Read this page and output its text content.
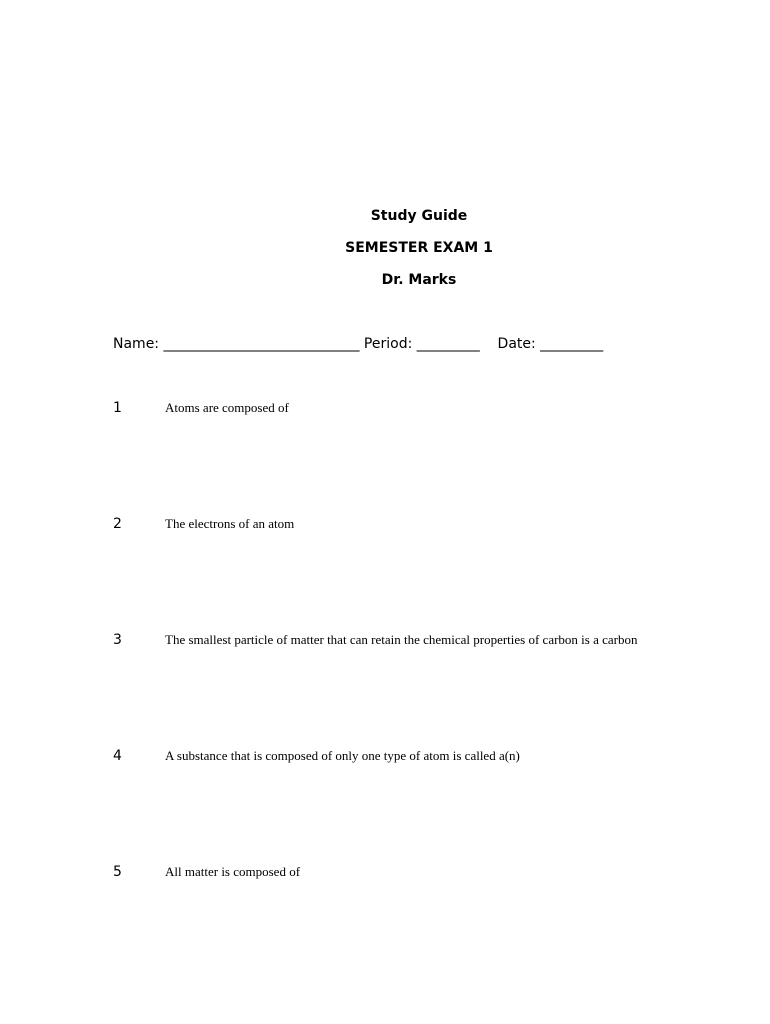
Study Guide
SEMESTER EXAM 1
Dr. Marks
Name: ____________________________ Period: _________    Date: _________
1	Atoms are composed of
2	The electrons of an atom
3	The smallest particle of matter that can retain the chemical properties of carbon is a carbon
4	A substance that is composed of only one type of atom is called a(n)
5	All matter is composed of
